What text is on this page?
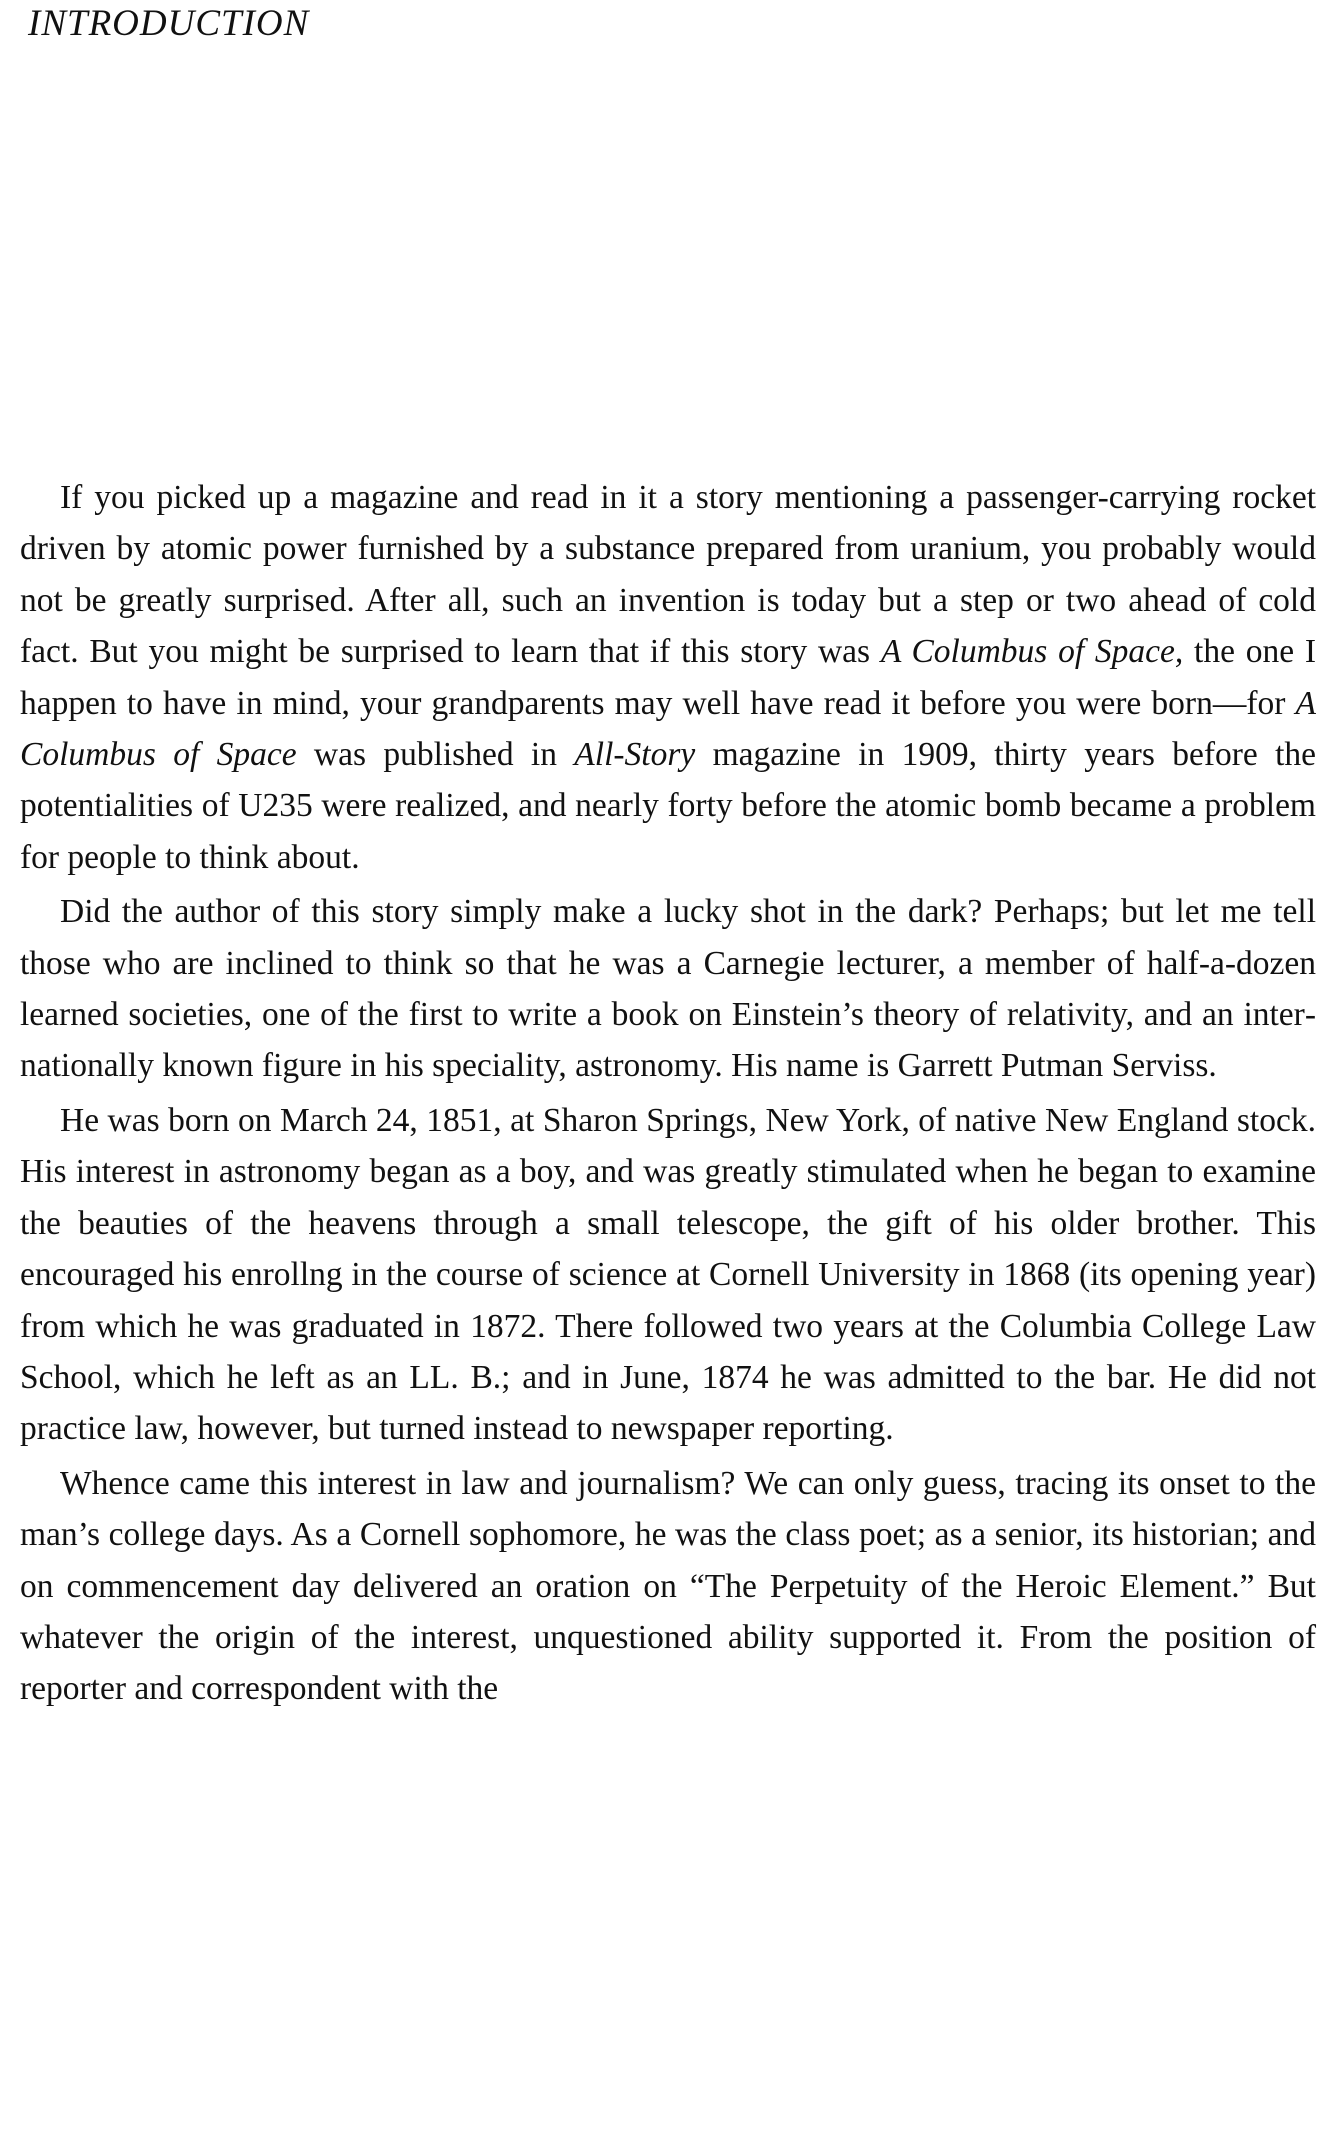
INTRODUCTION

If you picked up a magazine and read in it a story mentioning a passenger-carrying rocket driven by atomic power furnished by a substance prepared from uranium, you probably would not be greatly surprised. After all, such an invention is today but a step or two ahead of cold fact. But you might be surprised to learn that if this story was A Columbus of Space, the one I happen to have in mind, your grandparents may well have read it before you were born—for A Columbus of Space was published in All-Story magazine in 1909, thirty years before the potentialities of U235 were realized, and nearly forty before the atomic bomb became a problem for people to think about.

Did the author of this story simply make a lucky shot in the dark? Perhaps; but let me tell those who are inclined to think so that he was a Carnegie lecturer, a member of half-a-dozen learned societies, one of the first to write a book on Einstein’s theory of relativity, and an internationally known figure in his speciality, astronomy. His name is Garrett Putman Serviss.

He was born on March 24, 1851, at Sharon Springs, New York, of native New England stock. His interest in astronomy began as a boy, and was greatly stimulated when he began to examine the beauties of the heavens through a small telescope, the gift of his older brother. This encouraged his enrollng in the course of science at Cornell University in 1868 (its opening year) from which he was graduated in 1872. There followed two years at the Columbia College Law School, which he left as an LL. B.; and in June, 1874 he was admitted to the bar. He did not practice law, however, but turned instead to newspaper reporting.

Whence came this interest in law and journalism? We can only guess, tracing its onset to the man’s college days. As a Cornell sophomore, he was the class poet; as a senior, its historian; and on commencement day delivered an oration on “The Perpetuity of the Heroic Element.” But whatever the origin of the interest, unquestioned ability supported it. From the position of reporter and correspondent with the
